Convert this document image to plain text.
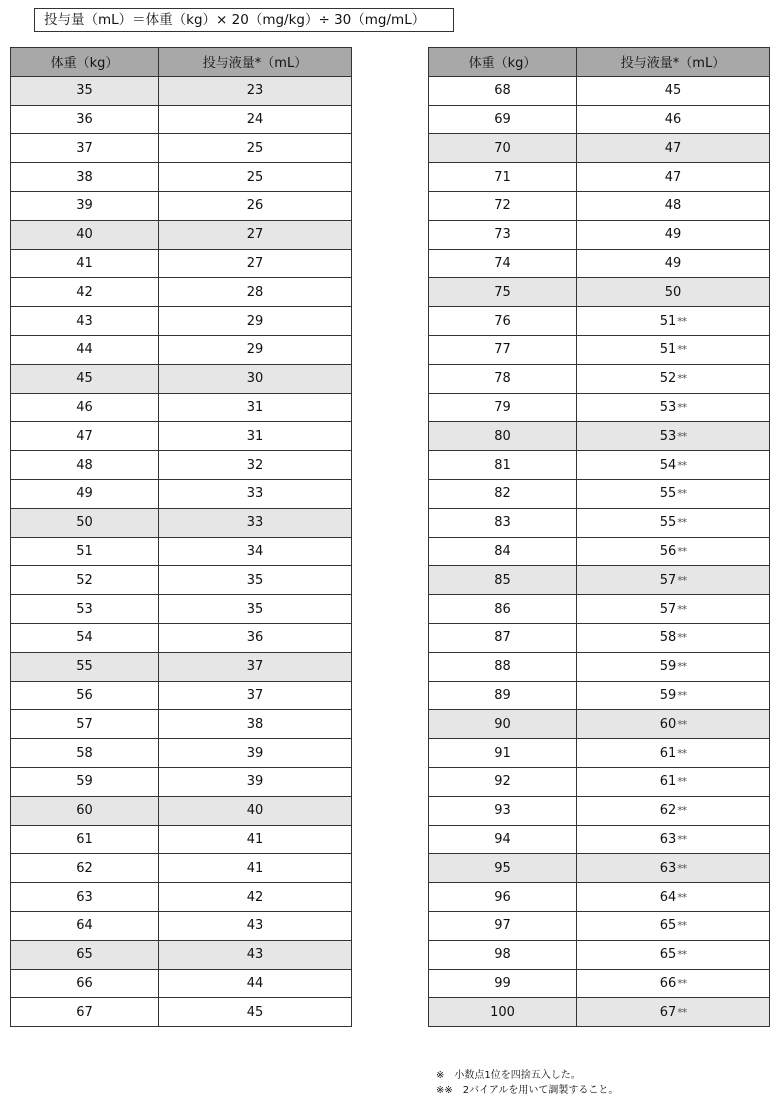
投与量（mL）＝体重（kg）× 20（mg/kg）÷ 30（mg/mL）
体重（kg）	投与液量*（mL）
35	23
36	24
37	25
38	25
39	26
40	27
41	27
42	28
43	29
44	29
45	30
46	31
47	31
48	32
49	33
50	33
51	34
52	35
53	35
54	36
55	37
56	37
57	38
58	39
59	39
60	40
61	41
62	41
63	42
64	43
65	43
66	44
67	45
体重（kg）	投与液量*（mL）
68	45
69	46
70	47
71	47
72	48
73	49
74	49
75	50
76	51**
77	51**
78	52**
79	53**
80	53**
81	54**
82	55**
83	55**
84	56**
85	57**
86	57**
87	58**
88	59**
89	59**
90	60**
91	61**
92	61**
93	62**
94	63**
95	63**
96	64**
97	65**
98	65**
99	66**
100	67**
※　小数点1位を四捨五入した。
※※　2バイアルを用いて調製すること。
